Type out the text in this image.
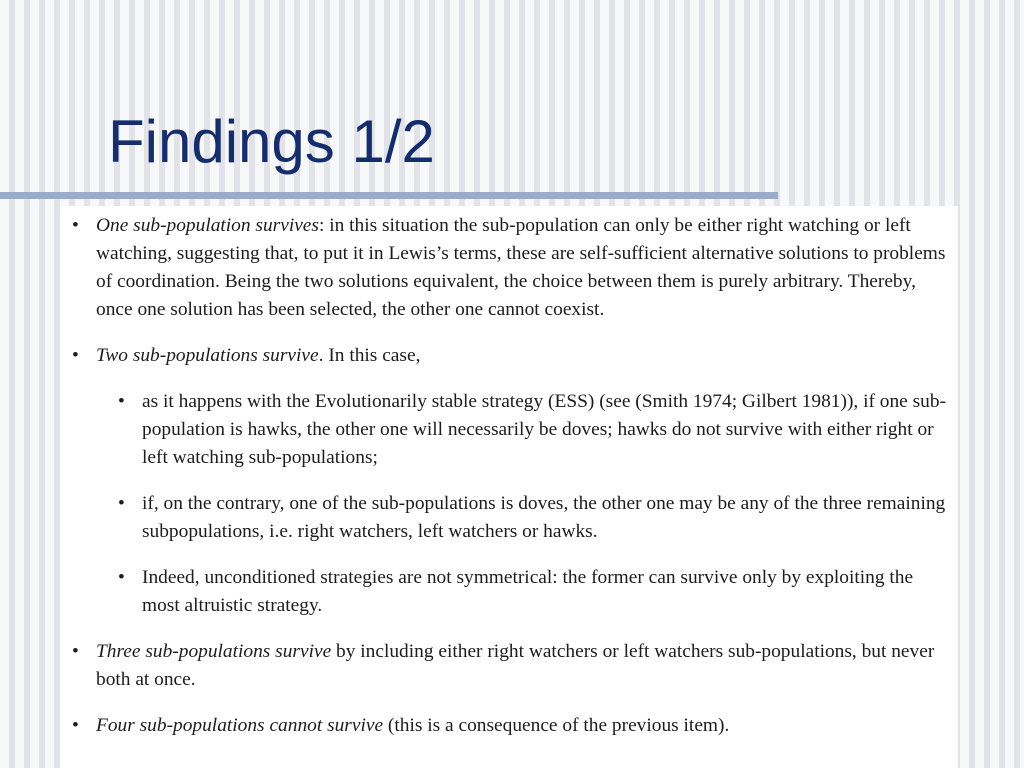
Findings 1/2
• One sub-population survives: in this situation the sub-population can only be either right watching or left watching, suggesting that, to put it in Lewis’s terms, these are self-sufficient alternative solutions to problems of coordination. Being the two solutions equivalent, the choice between them is purely arbitrary. Thereby, once one solution has been selected, the other one cannot coexist.
• Two sub-populations survive. In this case,
• as it happens with the Evolutionarily stable strategy (ESS) (see (Smith 1974; Gilbert 1981)), if one sub-population is hawks, the other one will necessarily be doves; hawks do not survive with either right or left watching sub-populations;
• if, on the contrary, one of the sub-populations is doves, the other one may be any of the three remaining subpopulations, i.e. right watchers, left watchers or hawks.
• Indeed, unconditioned strategies are not symmetrical: the former can survive only by exploiting the most altruistic strategy.
• Three sub-populations survive by including either right watchers or left watchers sub-populations, but never both at once.
• Four sub-populations cannot survive (this is a consequence of the previous item).
